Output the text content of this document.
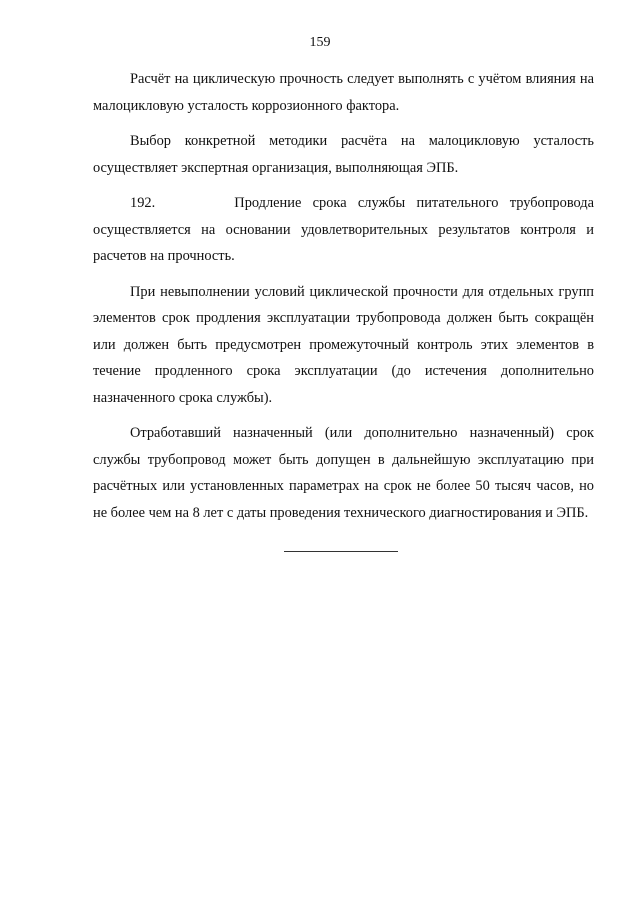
159

Расчёт на циклическую прочность следует выполнять с учётом влияния на малоцикловую усталость коррозионного фактора.

Выбор конкретной методики расчёта на малоцикловую усталость осуществляет экспертная организация, выполняющая ЭПБ.

192.	Продление срока службы питательного трубопровода осуществляется на основании удовлетворительных результатов контроля и расчетов на прочность.

При невыполнении условий циклической прочности для отдельных групп элементов срок продления эксплуатации трубопровода должен быть сокращён или должен быть предусмотрен промежуточный контроль этих элементов в течение продленного срока эксплуатации (до истечения дополнительно назначенного срока службы).

Отработавший назначенный (или дополнительно назначенный) срок службы трубопровод может быть допущен в дальнейшую эксплуатацию при расчётных или установленных параметрах на срок не более 50 тысяч часов, но не более чем на 8 лет с даты проведения технического диагностирования и ЭПБ.
